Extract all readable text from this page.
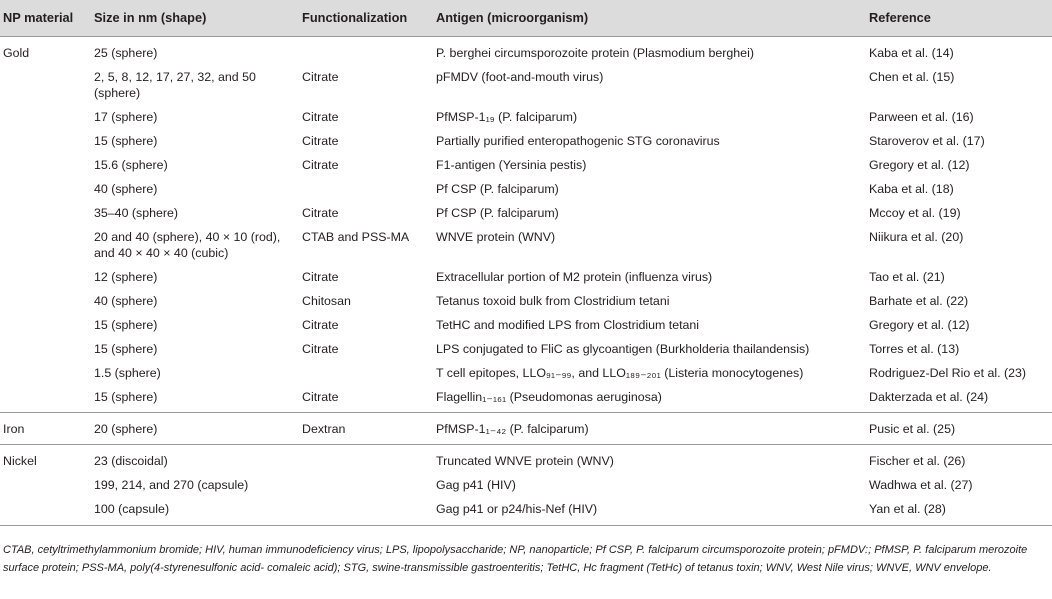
NP material	Size in nm (shape)	Functionalization	Antigen (microorganism)	Reference
Gold	25 (sphere)		P. berghei circumsporozoite protein (Plasmodium berghei)	Kaba et al. (14)
	2, 5, 8, 12, 17, 27, 32, and 50 (sphere)	Citrate	pFMDV (foot-and-mouth virus)	Chen et al. (15)
	17 (sphere)	Citrate	PfMSP-1₁₉ (P. falciparum)	Parween et al. (16)
	15 (sphere)	Citrate	Partially purified enteropathogenic STG coronavirus	Staroverov et al. (17)
	15.6 (sphere)	Citrate	F1-antigen (Yersinia pestis)	Gregory et al. (12)
	40 (sphere)		Pf CSP (P. falciparum)	Kaba et al. (18)
	35–40 (sphere)	Citrate	Pf CSP (P. falciparum)	Mccoy et al. (19)
	20 and 40 (sphere), 40 × 10 (rod), and 40 × 40 × 40 (cubic)	CTAB and PSS-MA	WNVE protein (WNV)	Niikura et al. (20)
	12 (sphere)	Citrate	Extracellular portion of M2 protein (influenza virus)	Tao et al. (21)
	40 (sphere)	Chitosan	Tetanus toxoid bulk from Clostridium tetani	Barhate et al. (22)
	15 (sphere)	Citrate	TetHC and modified LPS from Clostridium tetani	Gregory et al. (12)
	15 (sphere)	Citrate	LPS conjugated to FliC as glycoantigen (Burkholderia thailandensis)	Torres et al. (13)
	1.5 (sphere)		T cell epitopes, LLO₉₁₋₉₉, and LLO₁₈₉₋₂₀₁ (Listeria monocytogenes)	Rodriguez-Del Rio et al. (23)
	15 (sphere)	Citrate	Flagellin₁₋₁₆₁ (Pseudomonas aeruginosa)	Dakterzada et al. (24)
Iron	20 (sphere)	Dextran	PfMSP-1₁₋₄₂ (P. falciparum)	Pusic et al. (25)
Nickel	23 (discoidal)		Truncated WNVE protein (WNV)	Fischer et al. (26)
	199, 214, and 270 (capsule)		Gag p41 (HIV)	Wadhwa et al. (27)
	100 (capsule)		Gag p41 or p24/his-Nef (HIV)	Yan et al. (28)
CTAB, cetyltrimethylammonium bromide; HIV, human immunodeficiency virus; LPS, lipopolysaccharide; NP, nanoparticle; Pf CSP, P. falciparum circumsporozoite protein; pFMDV:; PfMSP, P. falciparum merozoite surface protein; PSS-MA, poly(4-styrenesulfonic acid- comaleic acid); STG, swine-transmissible gastroenteritis; TetHC, Hc fragment (TetHc) of tetanus toxin; WNV, West Nile virus; WNVE, WNV envelope.
